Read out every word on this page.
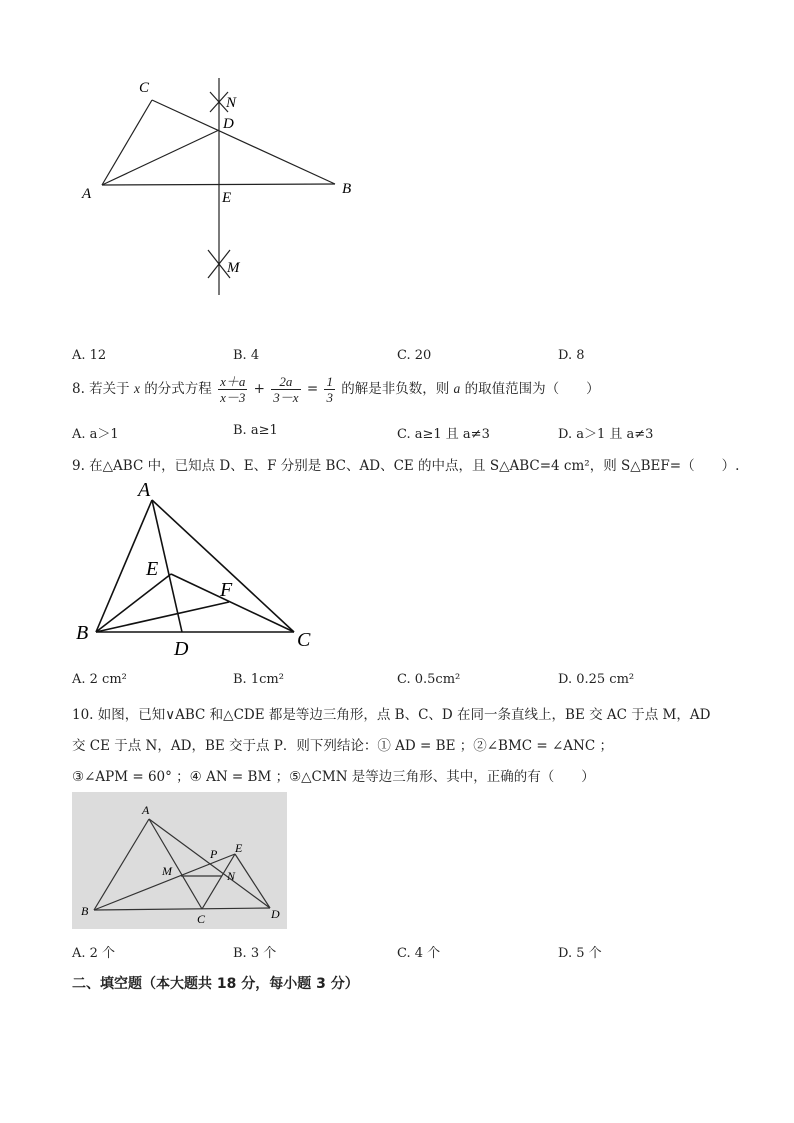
C
N
D
A	E
B
M
A. 12	B. 4	C. 20	D. 8
8. 若关于 x 的分式方程 $\frac{x+a}{x-3} + \frac{2a}{3-x} = \frac{1}{3}$ 的解是非负数，则 a 的取值范围为（　　）
A. a＞1	B. a≥1	C. a≥1 且 a≠3	D. a＞1 且 a≠3
9. 在△ABC 中，已知点 D、E、F 分别是 BC、AD、CE 的中点，且 S△ABC=4 cm²，则 S△BEF=（　　）.
A
E
F
B
D	C
A. 2 cm²	B. 1cm²	C. 0.5cm²	D. 0.25 cm²
10. 如图，已知∨ABC 和△CDE 都是等边三角形，点 B、C、D 在同一条直线上，BE 交 AC 于点 M，AD
交 CE 于点 N，AD，BE 交于点 P．则下列结论：① AD = BE ；②∠BMC = ∠ANC ；
③∠APM = 60° ；④ AN = BM ；⑤△CMN 是等边三角形、其中，正确的有（　　）
A
P E
M	N
B
C	D
A. 2 个	B. 3 个	C. 4 个	D. 5 个
二、填空题（本大题共 18 分，每小题 3 分）
